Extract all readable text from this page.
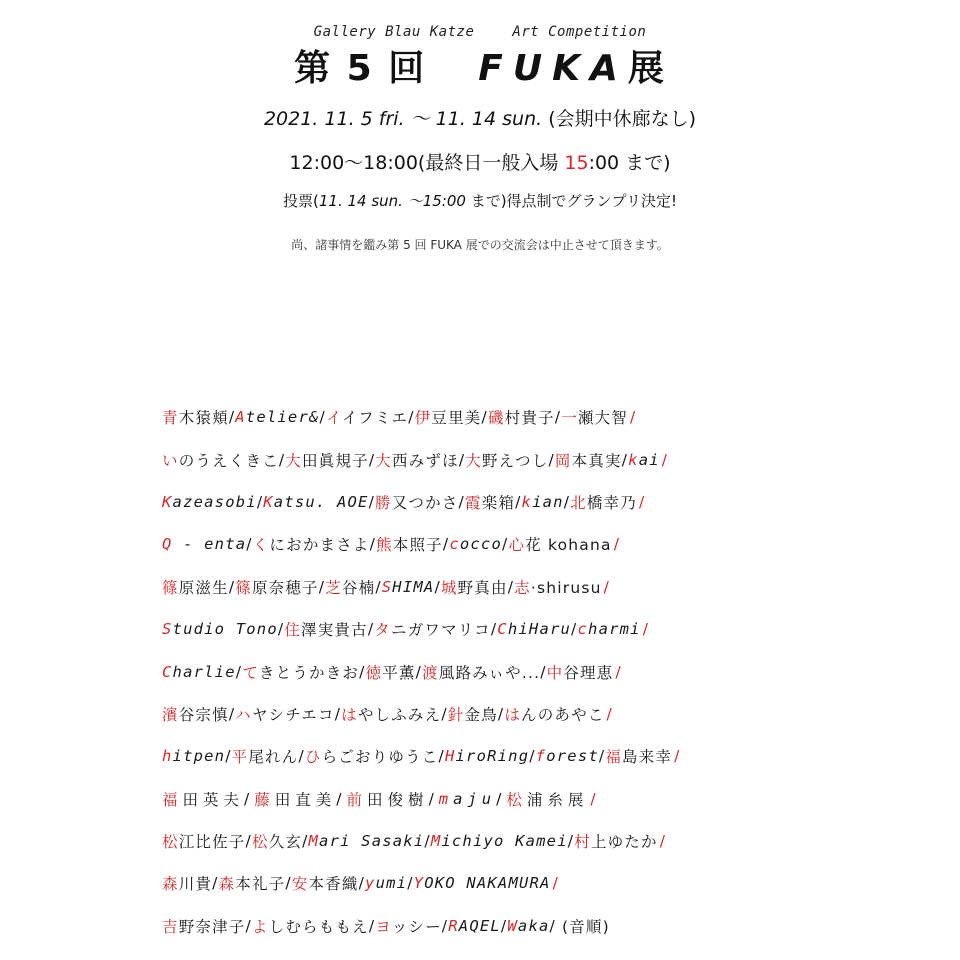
Gallery Blau Katze	Art Competition
第 5 回 FUKA展
2021. 11. 5 fri. 〜 11. 14 sun. (会期中休廊なし)
12:00〜18:00(最終日一般入場 15:00 まで)
投票(11. 14 sun. 〜15:00 まで)得点制でグランプリ決定!
尚、諸事情を鑑み第 5 回 FUKA 展での交流会は中止させて頂きます。
青木猿頬 / Atelier& / イイフミエ / 伊豆里美 / 磯村貴子 / 一瀬大智 /
いのうえくきこ / 大田眞規子 / 大西みずほ / 大野えつし / 岡本真実 / kai /
Kazeasobi / Katsu. AOE / 勝又つかさ / 霞楽箱 / kian / 北橋幸乃 /
Q - enta / くにおかまさよ / 熊本照子 / cocco / 心花 kohana /
篠原滋生 / 篠原奈穂子 / 芝谷楠 / SHIMA / 城野真由 / 志·shirusu /
Studio Tono / 住澤実貴古 / タニガワマリコ / ChiHaru / charmi /
Charlie / てきとうかきお / 徳平薫 / 渡風路みぃや... / 中谷理恵 /
濱谷宗慎 / ハヤシチエコ / はやしふみえ / 針金鳥 / はんのあやこ /
hitpen / 平尾れん / ひらごおりゆうこ / HiroRing / forest / 福島来幸 /
福田英夫 / 藤田直美 / 前田俊樹 / maju / 松浦糸展 /
松江比佐子 / 松久玄 / Mari Sasaki / Michiyo Kamei / 村上ゆたか /
森川貴 / 森本礼子 / 安本香織 / yumi / YOKO NAKAMURA /
吉野奈津子 / よしむらももえ / ヨッシー / RAQEL / Waka / (音順)
